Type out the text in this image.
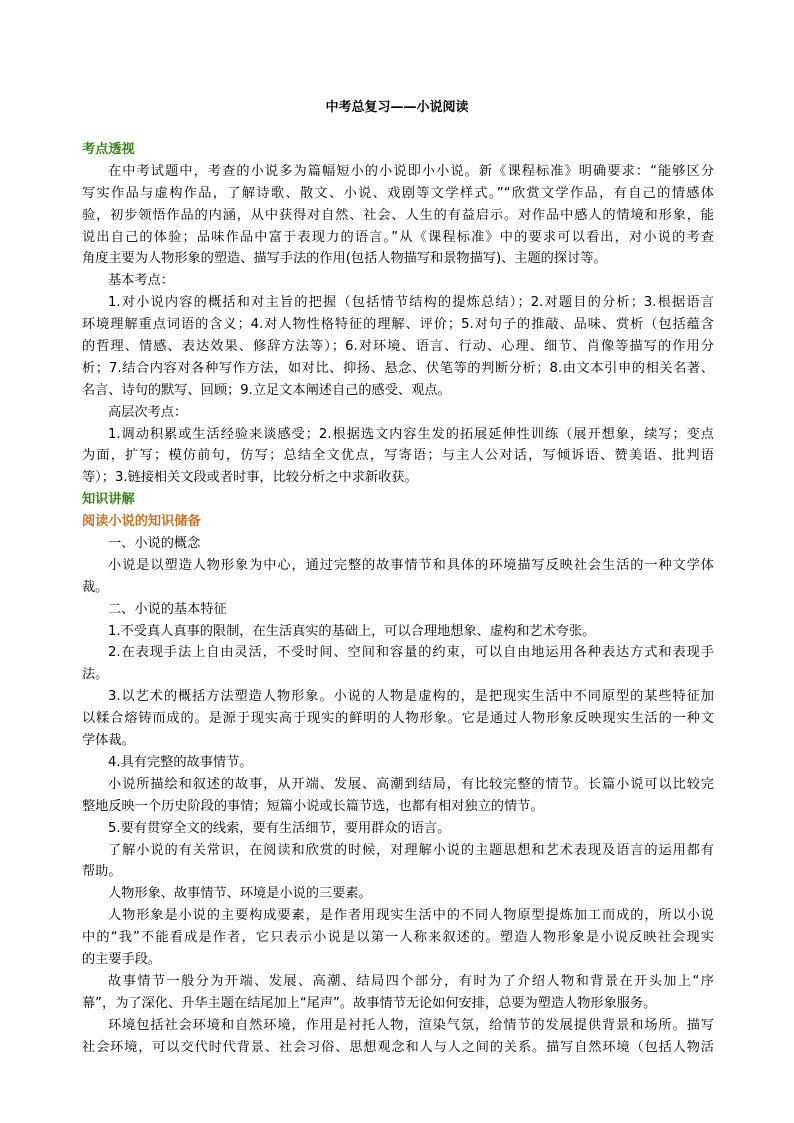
中考总复习——小说阅读
考点透视
在中考试题中，考查的小说多为篇幅短小的小说即小小说。新《课程标准》明确要求：“能够区分
写实作品与虚构作品，了解诗歌、散文、小说、戏剧等文学样式。”“欣赏文学作品，有自己的情感体
验，初步领悟作品的内涵，从中获得对自然、社会、人生的有益启示。对作品中感人的情境和形象，能
说出自己的体验；品味作品中富于表现力的语言。”从《课程标准》中的要求可以看出，对小说的考查
角度主要为人物形象的塑造、描写手法的作用(包括人物描写和景物描写)、主题的探讨等。
基本考点：
1.对小说内容的概括和对主旨的把握（包括情节结构的提炼总结）；2.对题目的分析；3.根据语言
环境理解重点词语的含义；4.对人物性格特征的理解、评价；5.对句子的推敲、品味、赏析（包括蕴含
的哲理、情感、表达效果、修辞方法等）；6.对环境、语言、行动、心理、细节、肖像等描写的作用分
析；7.结合内容对各种写作方法，如对比、抑扬、悬念、伏笔等的判断分析；8.由文本引申的相关名著、
名言、诗句的默写、回顾；9.立足文本阐述自己的感受、观点。
高层次考点：
1.调动积累或生活经验来谈感受；2.根据选文内容生发的拓展延伸性训练（展开想象，续写；变点
为面，扩写；模仿前句，仿写；总结全文优点，写寄语；与主人公对话，写倾诉语、赞美语、批判语
等）；3.链接相关文段或者时事，比较分析之中求新收获。
知识讲解
阅读小说的知识储备
一、小说的概念
小说是以塑造人物形象为中心，通过完整的故事情节和具体的环境描写反映社会生活的一种文学体
裁。
二、小说的基本特征
1.不受真人真事的限制，在生活真实的基础上，可以合理地想象、虚构和艺术夸张。
2.在表现手法上自由灵活，不受时间、空间和容量的约束，可以自由地运用各种表达方式和表现手
法。
3.以艺术的概括方法塑造人物形象。小说的人物是虚构的，是把现实生活中不同原型的某些特征加
以糅合熔铸而成的。是源于现实高于现实的鲜明的人物形象。它是通过人物形象反映现实生活的一种文
学体裁。
4.具有完整的故事情节。
小说所描绘和叙述的故事，从开端、发展、高潮到结局，有比较完整的情节。长篇小说可以比较完
整地反映一个历史阶段的事情；短篇小说或长篇节选，也都有相对独立的情节。
5.要有贯穿全文的线索，要有生活细节，要用群众的语言。
了解小说的有关常识，在阅读和欣赏的时候，对理解小说的主题思想和艺术表现及语言的运用都有
帮助。
人物形象、故事情节、环境是小说的三要素。
人物形象是小说的主要构成要素，是作者用现实生活中的不同人物原型提炼加工而成的，所以小说
中的“我”不能看成是作者，它只表示小说是以第一人称来叙述的。塑造人物形象是小说反映社会现实
的主要手段。
故事情节一般分为开端、发展、高潮、结局四个部分，有时为了介绍人物和背景在开头加上“序
幕”，为了深化、升华主题在结尾加上“尾声”。故事情节无论如何安排，总要为塑造人物形象服务。
环境包括社会环境和自然环境，作用是衬托人物，渲染气氛，给情节的发展提供背景和场所。描写
社会环境，可以交代时代背景、社会习俗、思想观念和人与人之间的关系。描写自然环境（包括人物活
